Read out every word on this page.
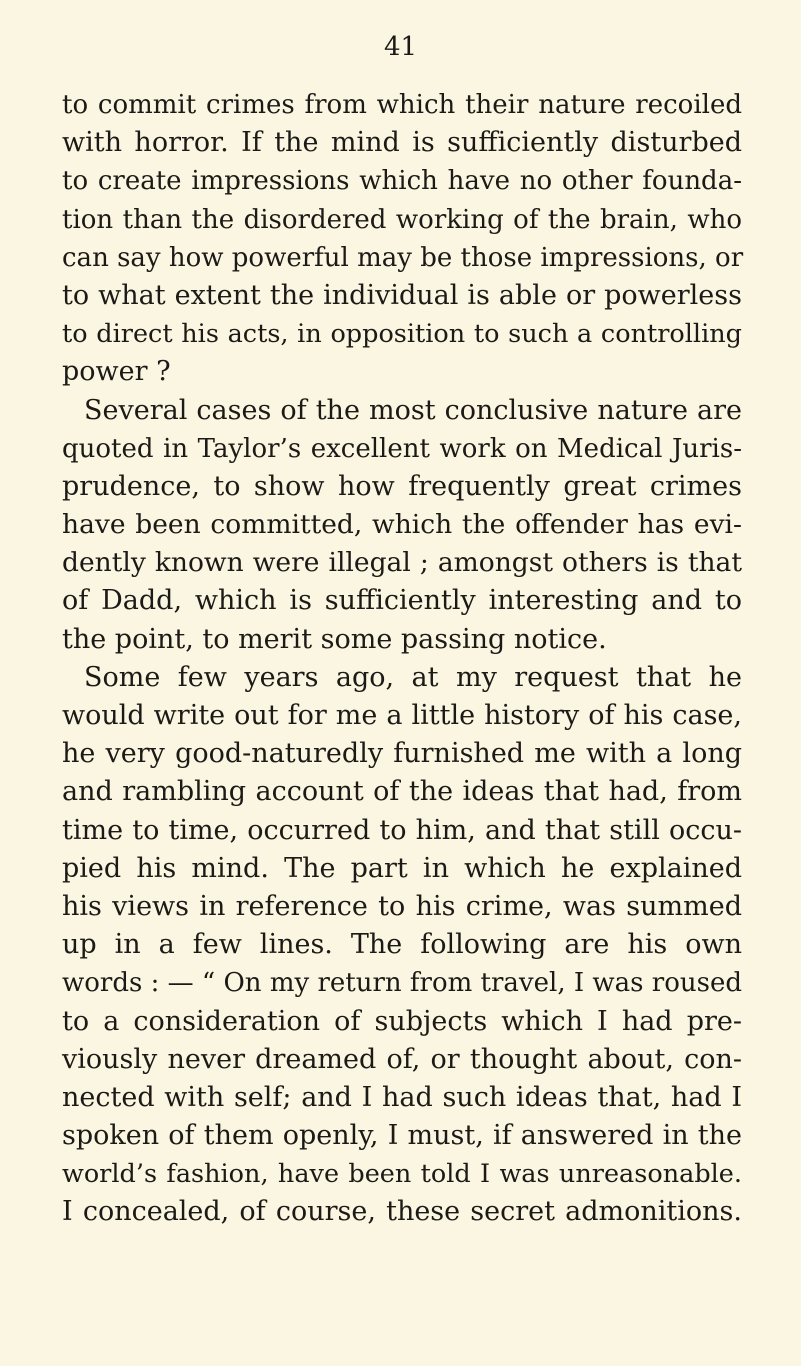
41
to commit crimes from which their nature recoiled
with horror. If the mind is sufficiently disturbed
to create impressions which have no other founda-
tion than the disordered working of the brain, who
can say how powerful may be those impressions, or
to what extent the individual is able or powerless
to direct his acts, in opposition to such a controlling
power ?
Several cases of the most conclusive nature are
quoted in Taylor’s excellent work on Medical Juris-
prudence, to show how frequently great crimes
have been committed, which the offender has evi-
dently known were illegal ; amongst others is that
of Dadd, which is sufficiently interesting and to
the point, to merit some passing notice.
Some few years ago, at my request that he
would write out for me a little history of his case,
he very good-naturedly furnished me with a long
and rambling account of the ideas that had, from
time to time, occurred to him, and that still occu-
pied his mind. The part in which he explained
his views in reference to his crime, was summed
up in a few lines. The following are his own
words : — “ On my return from travel, I was roused
to a consideration of subjects which I had pre-
viously never dreamed of, or thought about, con-
nected with self; and I had such ideas that, had I
spoken of them openly, I must, if answered in the
world’s fashion, have been told I was unreasonable.
I concealed, of course, these secret admonitions.
